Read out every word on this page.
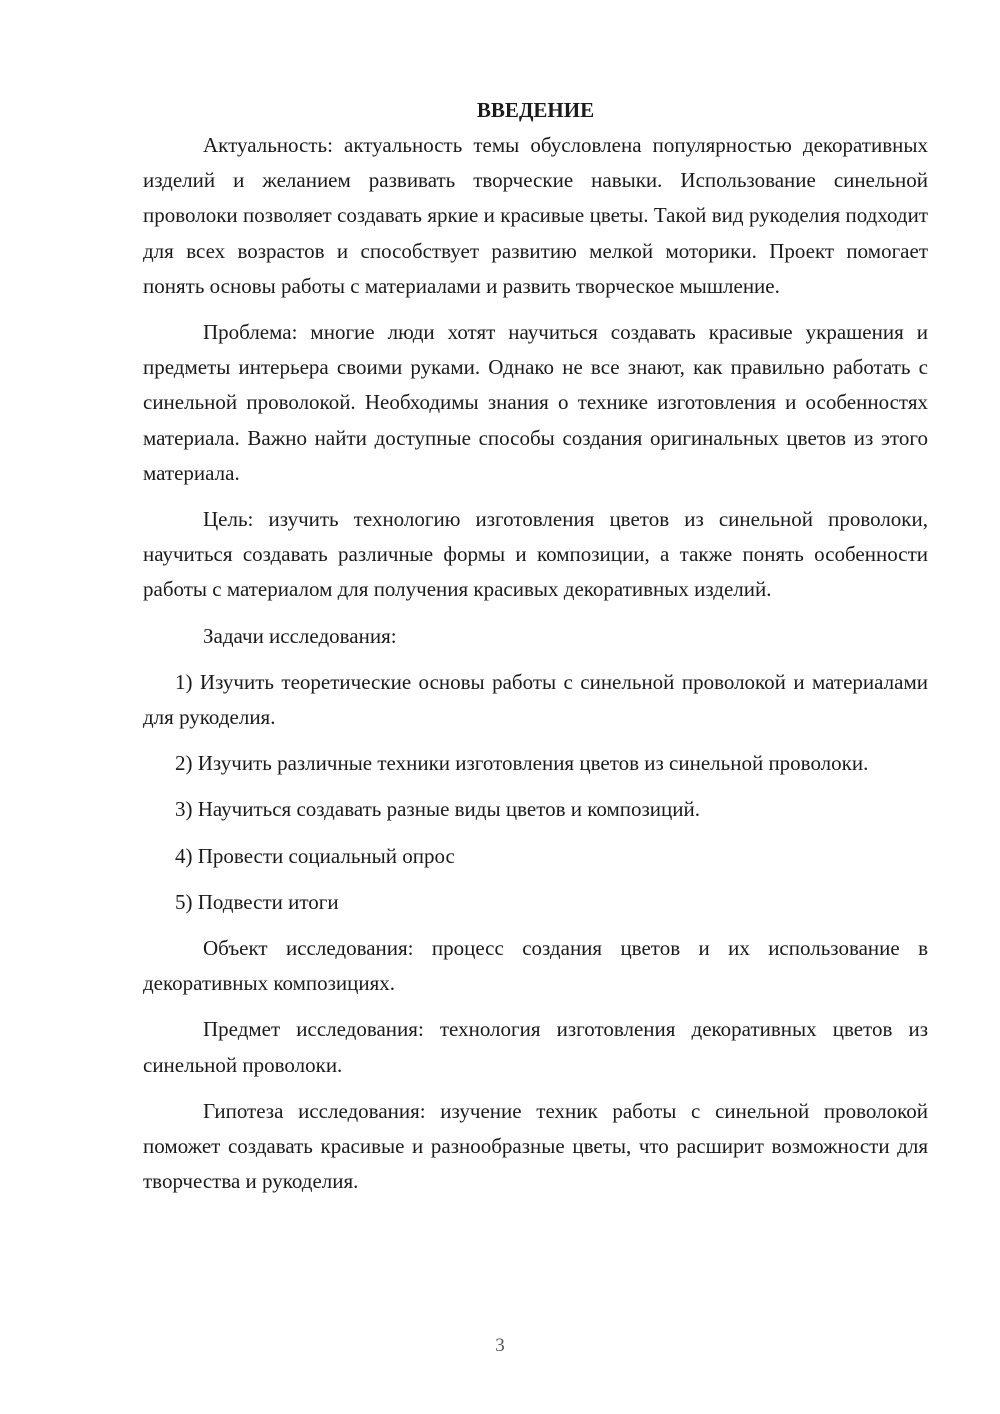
ВВЕДЕНИЕ

Актуальность: актуальность темы обусловлена популярностью декоративных изделий и желанием развивать творческие навыки. Использование синельной проволоки позволяет создавать яркие и красивые цветы. Такой вид рукоделия подходит для всех возрастов и способствует развитию мелкой моторики. Проект помогает понять основы работы с материалами и развить творческое мышление.

Проблема: многие люди хотят научиться создавать красивые украшения и предметы интерьера своими руками. Однако не все знают, как правильно работать с синельной проволокой. Необходимы знания о технике изготовления и особенностях материала. Важно найти доступные способы создания оригинальных цветов из этого материала.

Цель: изучить технологию изготовления цветов из синельной проволоки, научиться создавать различные формы и композиции, а также понять особенности работы с материалом для получения красивых декоративных изделий.

Задачи исследования:

1) Изучить теоретические основы работы с синельной проволокой и материалами для рукоделия.

2) Изучить различные техники изготовления цветов из синельной проволоки.

3) Научиться создавать разные виды цветов и композиций.

4) Провести социальный опрос

5) Подвести итоги

Объект исследования: процесс создания цветов и их использование в декоративных композициях.

Предмет исследования: технология изготовления декоративных цветов из синельной проволоки.

Гипотеза исследования: изучение техник работы с синельной проволокой поможет создавать красивые и разнообразные цветы, что расширит возможности для творчества и рукоделия.

3
